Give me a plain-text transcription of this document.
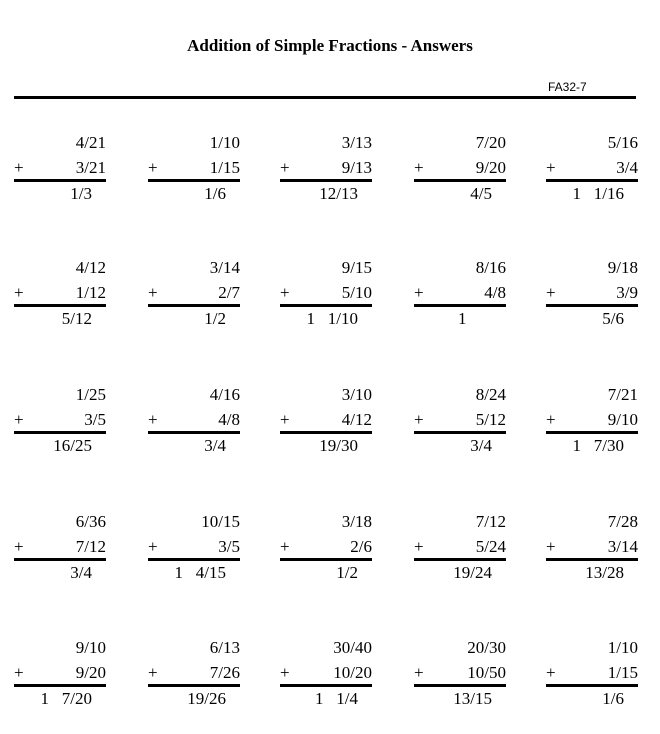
Addition of Simple Fractions - Answers
FA32-7
4/21
+	3/21
1/3
1/10
+	1/15
1/6
3/13
+	9/13
12/13
7/20
+	9/20
4/5
5/16
+	3/4
1   1/16
4/12
+	1/12
5/12
3/14
+	2/7
1/2
9/15
+	5/10
1   1/10
8/16
+	4/8
1
9/18
+	3/9
5/6
1/25
+	3/5
16/25
4/16
+	4/8
3/4
3/10
+	4/12
19/30
8/24
+	5/12
3/4
7/21
+	9/10
1   7/30
6/36
+	7/12
3/4
10/15
+	3/5
1   4/15
3/18
+	2/6
1/2
7/12
+	5/24
19/24
7/28
+	3/14
13/28
9/10
+	9/20
1   7/20
6/13
+	7/26
19/26
30/40
+	10/20
1   1/4
20/30
+	10/50
13/15
1/10
+	1/15
1/6
